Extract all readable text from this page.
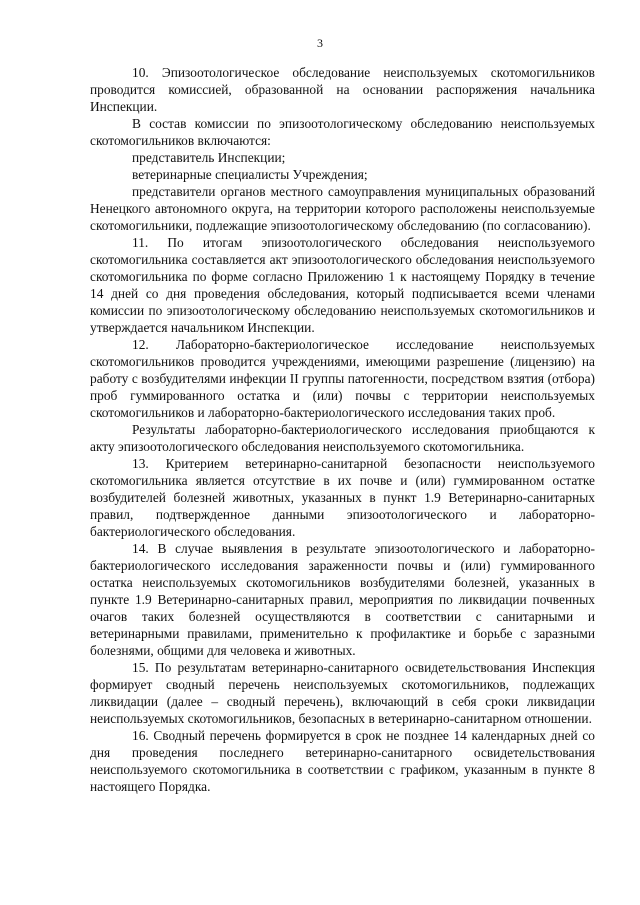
3

10. Эпизоотологическое обследование неиспользуемых скотомогильников проводится комиссией, образованной на основании распоряжения начальника Инспекции.

В состав комиссии по эпизоотологическому обследованию неиспользуемых скотомогильников включаются:

представитель Инспекции;

ветеринарные специалисты Учреждения;

представители органов местного самоуправления муниципальных образований Ненецкого автономного округа, на территории которого расположены неиспользуемые скотомогильники, подлежащие эпизоотологическому обследованию (по согласованию).

11. По итогам эпизоотологического обследования неиспользуемого скотомогильника составляется акт эпизоотологического обследования неиспользуемого скотомогильника по форме согласно Приложению 1 к настоящему Порядку в течение 14 дней со дня проведения обследования, который подписывается всеми членами комиссии по эпизоотологическому обследованию неиспользуемых скотомогильников и утверждается начальником Инспекции.

12. Лабораторно-бактериологическое исследование неиспользуемых скотомогильников проводится учреждениями, имеющими разрешение (лицензию) на работу с возбудителями инфекции II группы патогенности, посредством взятия (отбора) проб гуммированного остатка и (или) почвы с территории неиспользуемых скотомогильников и лабораторно-бактериологического исследования таких проб.

Результаты лабораторно-бактериологического исследования приобщаются к акту эпизоотологического обследования неиспользуемого скотомогильника.

13. Критерием ветеринарно-санитарной безопасности неиспользуемого скотомогильника является отсутствие в их почве и (или) гуммированном остатке возбудителей болезней животных, указанных в пункт 1.9 Ветеринарно-санитарных правил, подтвержденное данными эпизоотологического и лабораторно-бактериологического обследования.

14. В случае выявления в результате эпизоотологического и лабораторно-бактериологического исследования зараженности почвы и (или) гуммированного остатка неиспользуемых скотомогильников возбудителями болезней, указанных в пункте 1.9 Ветеринарно-санитарных правил, мероприятия по ликвидации почвенных очагов таких болезней осуществляются в соответствии с санитарными и ветеринарными правилами, применительно к профилактике и борьбе с заразными болезнями, общими для человека и животных.

15. По результатам ветеринарно-санитарного освидетельствования Инспекция формирует сводный перечень неиспользуемых скотомогильников, подлежащих ликвидации (далее – сводный перечень), включающий в себя сроки ликвидации неиспользуемых скотомогильников, безопасных в ветеринарно-санитарном отношении.

16. Сводный перечень формируется в срок не позднее 14 календарных дней со дня проведения последнего ветеринарно-санитарного освидетельствования неиспользуемого скотомогильника в соответствии с графиком, указанным в пункте 8 настоящего Порядка.
